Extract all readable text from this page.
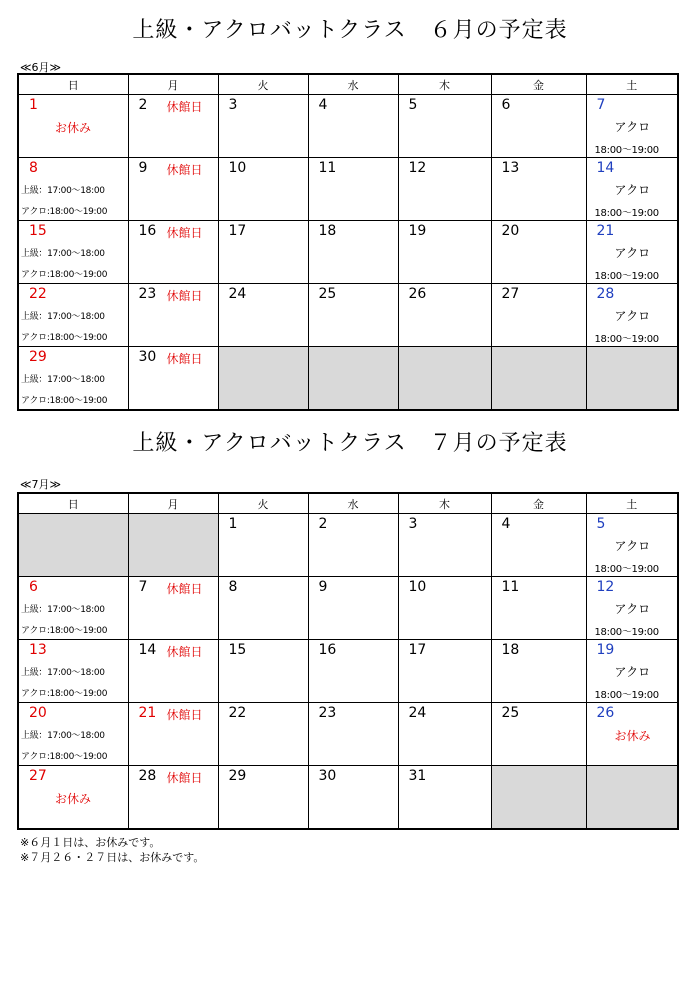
上級・アクロバットクラス　６月の予定表
≪6月≫
日	月	火	水	木	金	土

1
お休み	2 休館日	3	4	5	6	7
アクロ
18:00～19:00

8
上級：17:00～18:00
アクロ:18:00～19:00	9 休館日	10	11	12	13	14
アクロ
18:00～19:00

15
上級：17:00～18:00
アクロ:18:00～19:00	16 休館日	17	18	19	20	21
アクロ
18:00～19:00

22
上級：17:00～18:00
アクロ:18:00～19:00	23 休館日	24	25	26	27	28
アクロ
18:00～19:00

29
上級：17:00～18:00
アクロ:18:00～19:00	30 休館日					

上級・アクロバットクラス　７月の予定表
≪7月≫
日	月	火	水	木	金	土

		1	2	3	4	5
アクロ
18:00～19:00

6
上級：17:00～18:00
アクロ:18:00～19:00	7 休館日	8	9	10	11	12
アクロ
18:00～19:00

13
上級：17:00～18:00
アクロ:18:00～19:00	14 休館日	15	16	17	18	19
アクロ
18:00～19:00

20
上級：17:00～18:00
アクロ:18:00～19:00	21 休館日	22	23	24	25	26
お休み

27
お休み	28 休館日	29	30	31		

※６月１日は、お休みです。
※７月２６・２７日は、お休みです。
